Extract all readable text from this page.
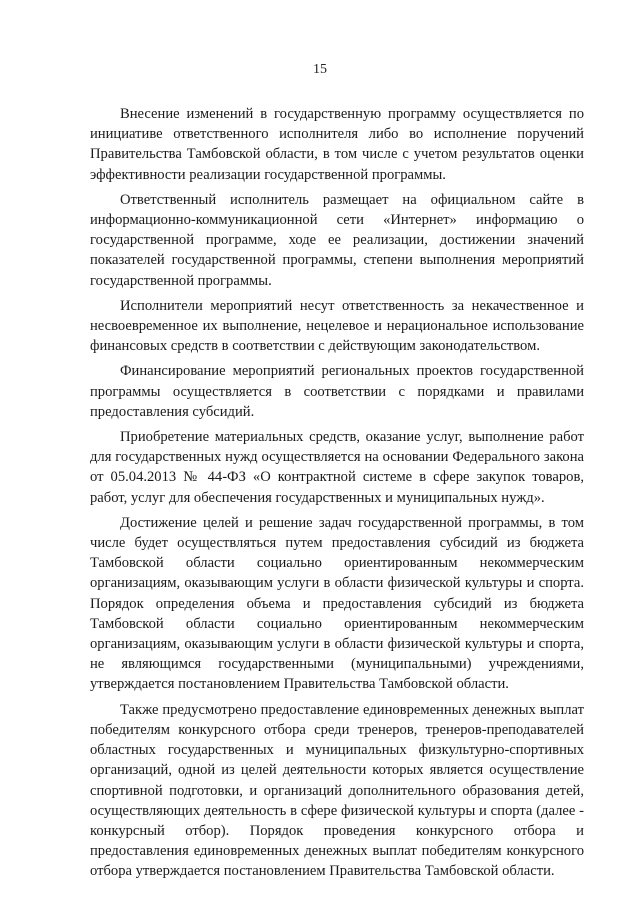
15

Внесение изменений в государственную программу осуществляется по инициативе ответственного исполнителя либо во исполнение поручений Правительства Тамбовской области, в том числе с учетом результатов оценки эффективности реализации государственной программы.

Ответственный исполнитель размещает на официальном сайте в информационно-коммуникационной сети «Интернет» информацию о государственной программе, ходе ее реализации, достижении значений показателей государственной программы, степени выполнения мероприятий государственной программы.

Исполнители мероприятий несут ответственность за некачественное и несвоевременное их выполнение, нецелевое и нерациональное использование финансовых средств в соответствии с действующим законодательством.

Финансирование мероприятий региональных проектов государственной программы осуществляется в соответствии с порядками и правилами предоставления субсидий.

Приобретение материальных средств, оказание услуг, выполнение работ для государственных нужд осуществляется на основании Федерального закона от 05.04.2013 № 44-ФЗ «О контрактной системе в сфере закупок товаров, работ, услуг для обеспечения государственных и муниципальных нужд».

Достижение целей и решение задач государственной программы, в том числе будет осуществляться путем предоставления субсидий из бюджета Тамбовской области социально ориентированным некоммерческим организациям, оказывающим услуги в области физической культуры и спорта. Порядок определения объема и предоставления субсидий из бюджета Тамбовской области социально ориентированным некоммерческим организациям, оказывающим услуги в области физической культуры и спорта, не являющимся государственными (муниципальными) учреждениями, утверждается постановлением Правительства Тамбовской области.

Также предусмотрено предоставление единовременных денежных выплат победителям конкурсного отбора среди тренеров, тренеров-преподавателей областных государственных и муниципальных физкультурно-спортивных организаций, одной из целей деятельности которых является осуществление спортивной подготовки, и организаций дополнительного образования детей, осуществляющих деятельность в сфере физической культуры и спорта (далее - конкурсный отбор). Порядок проведения конкурсного отбора и предоставления единовременных денежных выплат победителям конкурсного отбора утверждается постановлением Правительства Тамбовской области.
